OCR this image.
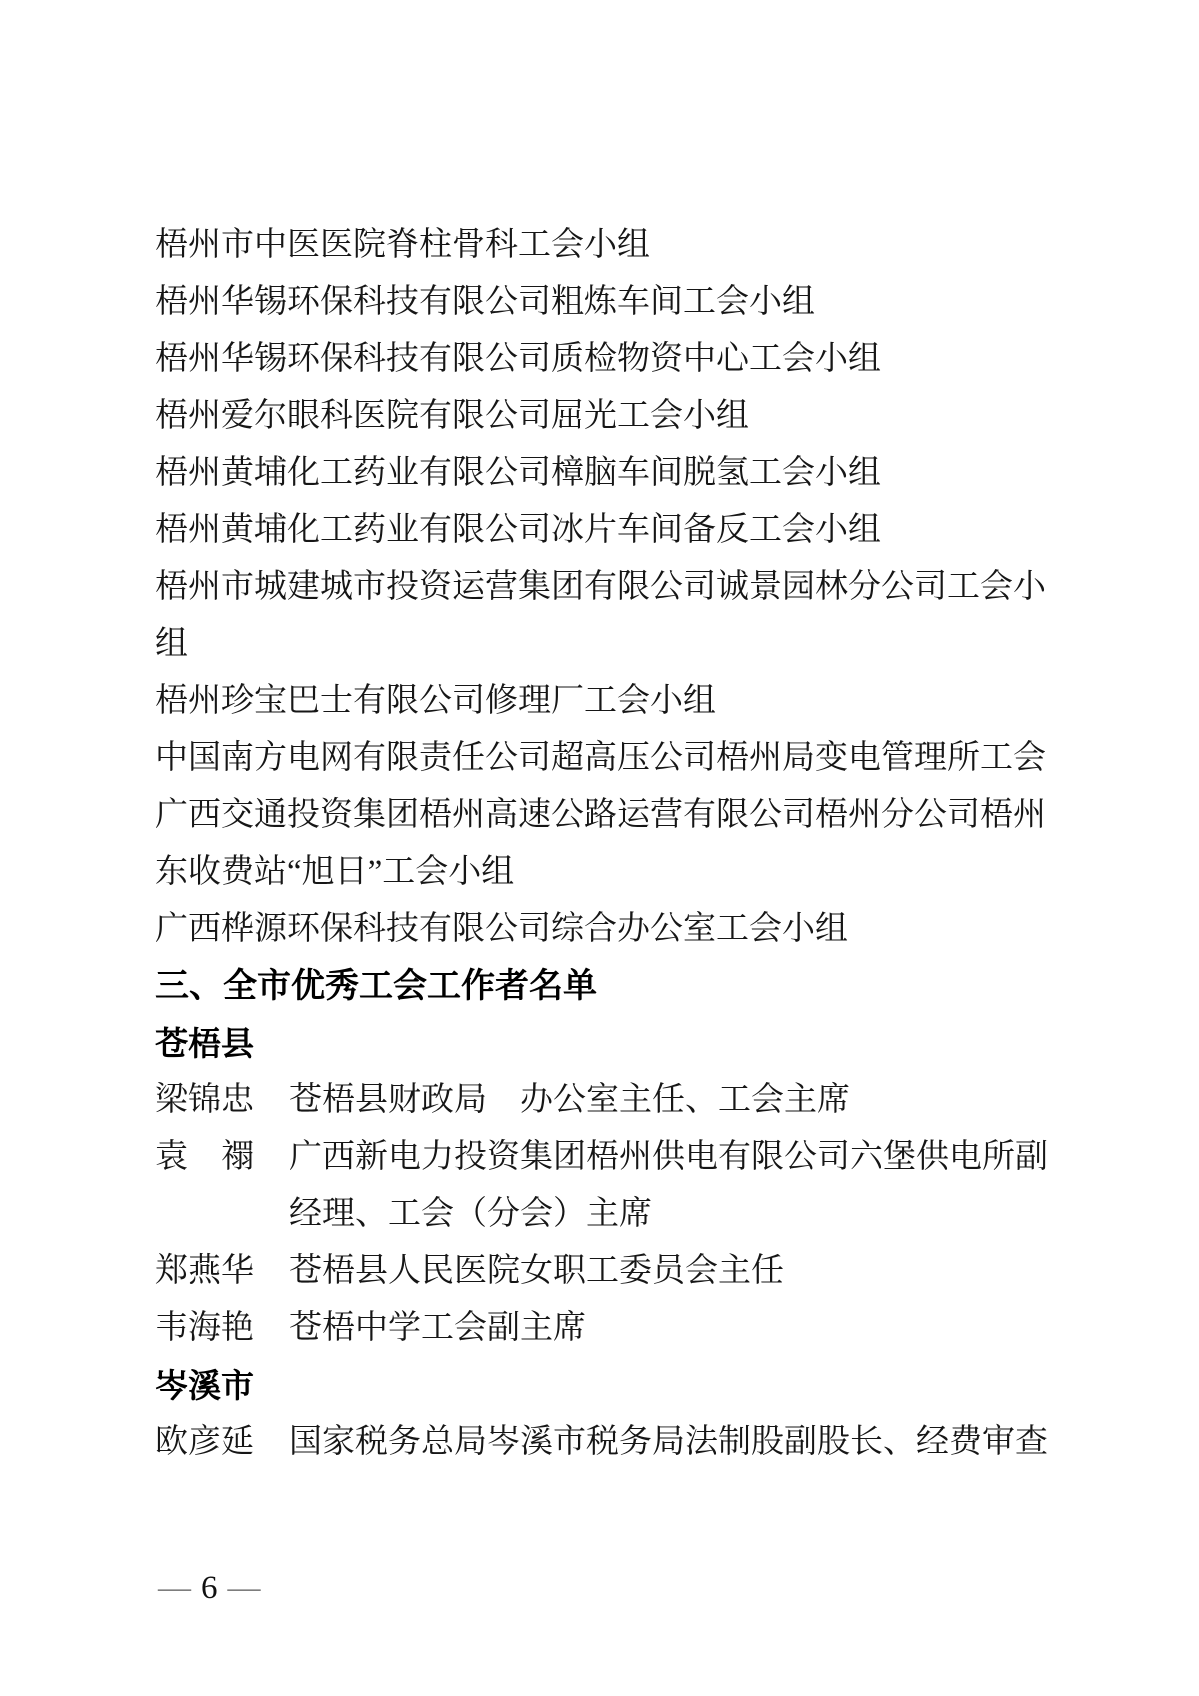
梧州市中医医院脊柱骨科工会小组
梧州华锡环保科技有限公司粗炼车间工会小组
梧州华锡环保科技有限公司质检物资中心工会小组
梧州爱尔眼科医院有限公司屈光工会小组
梧州黄埔化工药业有限公司樟脑车间脱氢工会小组
梧州黄埔化工药业有限公司冰片车间备反工会小组
梧州市城建城市投资运营集团有限公司诚景园林分公司工会小
组
梧州珍宝巴士有限公司修理厂工会小组
中国南方电网有限责任公司超高压公司梧州局变电管理所工会
广西交通投资集团梧州高速公路运营有限公司梧州分公司梧州
东收费站“旭日”工会小组
广西桦源环保科技有限公司综合办公室工会小组
三、全市优秀工会工作者名单
苍梧县
梁锦忠 苍梧县财政局　办公室主任、工会主席
袁　禤 广西新电力投资集团梧州供电有限公司六堡供电所副
经理、工会（分会）主席
郑燕华 苍梧县人民医院女职工委员会主任
韦海艳 苍梧中学工会副主席
岑溪市
欧彦延 国家税务总局岑溪市税务局法制股副股长、经费审查
— 6 —
